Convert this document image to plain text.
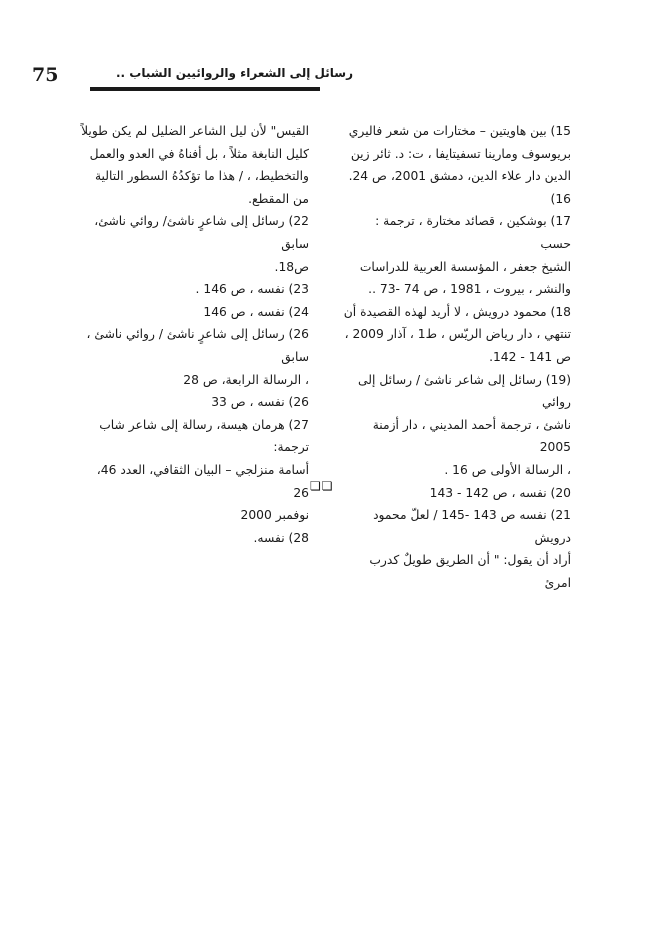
75	رسائل إلى الشعراء والروائيين الشباب ..

15) بين هاويتين – مختارات من شعر فاليري

بريوسوف ومارينا تسفيتايفا ، ت: د. ثائر زين

الدين دار علاء الدين، دمشق 2001، ص 24.

16)

17) بوشكين ، قصائد مختارة ، ترجمة : حسب

الشيخ جعفر ، المؤسسة العربية للدراسات

والنشر ، بيروت ، 1981 ، ص 74 -73 ..

18) محمود درويش ، لا أريد لهذه القصيدة أن

تنتهي ، دار رياض الريّس ، ط1 ، آذار 2009 ،

ص 141 - 142.

(19) رسائل إلى شاعر ناشئ / رسائل إلى روائي

ناشئ ، ترجمة أحمد المديني ، دار أزمنة 2005

، الرسالة الأولى ص 16 .

20) نفسه ، ص 142 - 143

21) نفسه ص 143 -145 / لعلّ محمود درويش

أراد أن يقول: " أن الطريق طويلٌ كدرب امرئ

القيس" لأن ليل الشاعر الضليل لم يكن طويلاً

كليل النابغة مثلاً ، بل أفناهُ في العدو والعمل

والتخطيط، ، / هذا ما تؤكدُهُ السطور التالية

من المقطع.

22) رسائل إلى شاعرٍ ناشئ/ روائي ناشئ، سابق

ص18.

23) نفسه ، ص 146 .

24) نفسه ، ص 146

26) رسائل إلى شاعرٍ ناشئ / روائي ناشئ ، سابق

، الرسالة الرابعة، ص 28

26) نفسه ، ص 33

27) هرمان هيسة، رسالة إلى شاعر شاب ترجمة:

أسامة منزلجي – البيان الثقافي، العدد 46، 26

نوفمبر 2000

28) نفسه.

❏❏
